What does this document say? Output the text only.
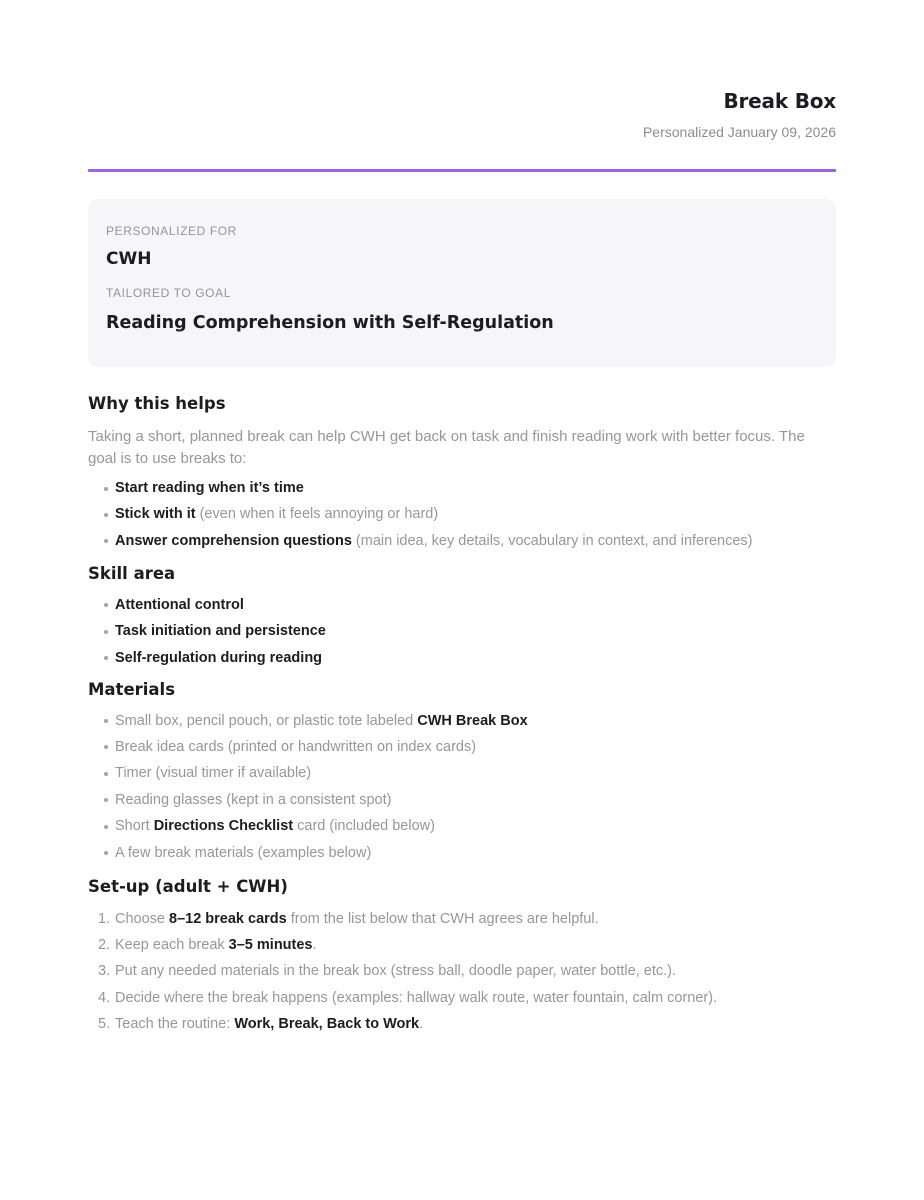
Break Box
Personalized January 09, 2026
PERSONALIZED FOR
CWH
TAILORED TO GOAL
Reading Comprehension with Self-Regulation
Why this helps
Taking a short, planned break can help CWH get back on task and finish reading work with better focus. The goal is to use breaks to:
Start reading when it’s time
Stick with it (even when it feels annoying or hard)
Answer comprehension questions (main idea, key details, vocabulary in context, and inferences)
Skill area
Attentional control
Task initiation and persistence
Self-regulation during reading
Materials
Small box, pencil pouch, or plastic tote labeled CWH Break Box
Break idea cards (printed or handwritten on index cards)
Timer (visual timer if available)
Reading glasses (kept in a consistent spot)
Short Directions Checklist card (included below)
A few break materials (examples below)
Set-up (adult + CWH)
1. Choose 8–12 break cards from the list below that CWH agrees are helpful.
2. Keep each break 3–5 minutes.
3. Put any needed materials in the break box (stress ball, doodle paper, water bottle, etc.).
4. Decide where the break happens (examples: hallway walk route, water fountain, calm corner).
5. Teach the routine: Work, Break, Back to Work.
